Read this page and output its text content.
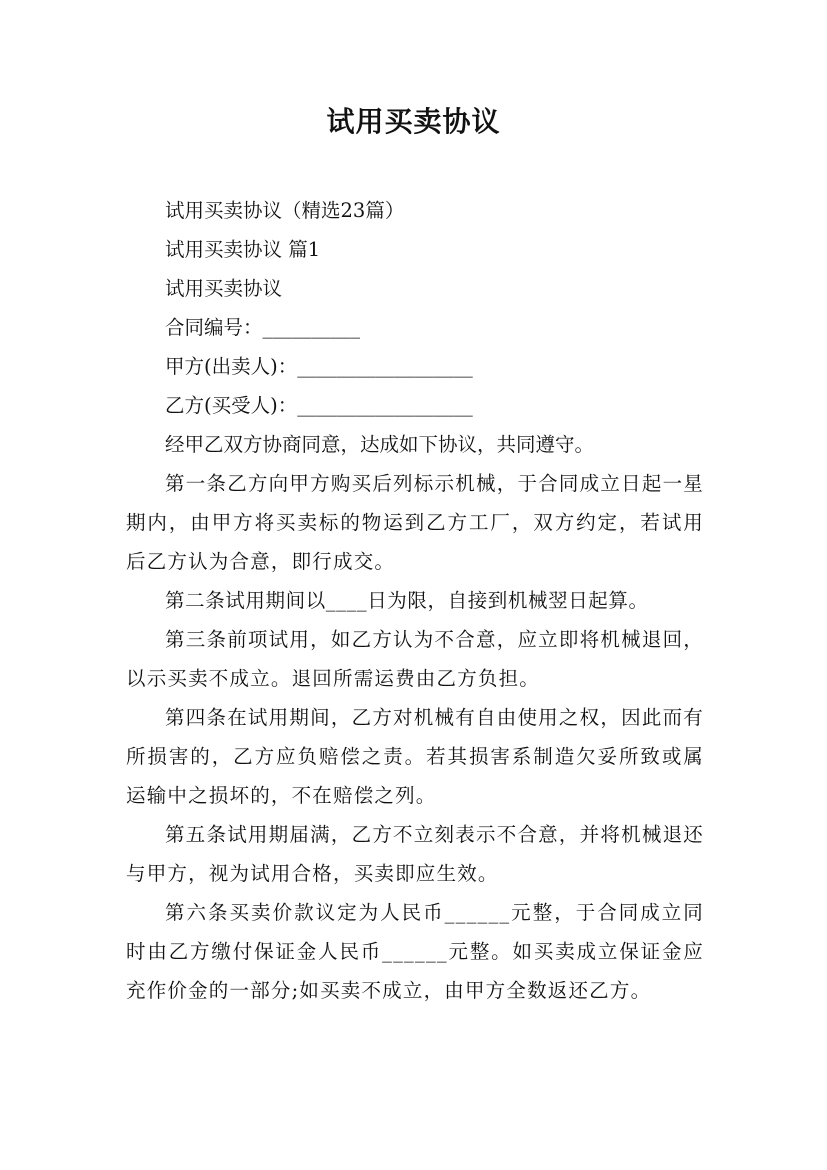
试用买卖协议

试用买卖协议（精选23篇）

试用买卖协议 篇1

试用买卖协议

合同编号：__________

甲方(出卖人)：__________________

乙方(买受人)：__________________

经甲乙双方协商同意，达成如下协议，共同遵守。

第一条乙方向甲方购买后列标示机械，于合同成立日起一星期内，由甲方将买卖标的物运到乙方工厂，双方约定，若试用后乙方认为合意，即行成交。

第二条试用期间以____日为限，自接到机械翌日起算。

第三条前项试用，如乙方认为不合意，应立即将机械退回，以示买卖不成立。退回所需运费由乙方负担。

第四条在试用期间，乙方对机械有自由使用之权，因此而有所损害的，乙方应负赔偿之责。若其损害系制造欠妥所致或属运输中之损坏的，不在赔偿之列。

第五条试用期届满，乙方不立刻表示不合意，并将机械退还与甲方，视为试用合格，买卖即应生效。

第六条买卖价款议定为人民币______元整，于合同成立同时由乙方缴付保证金人民币______元整。如买卖成立保证金应充作价金的一部分;如买卖不成立，由甲方全数返还乙方。
